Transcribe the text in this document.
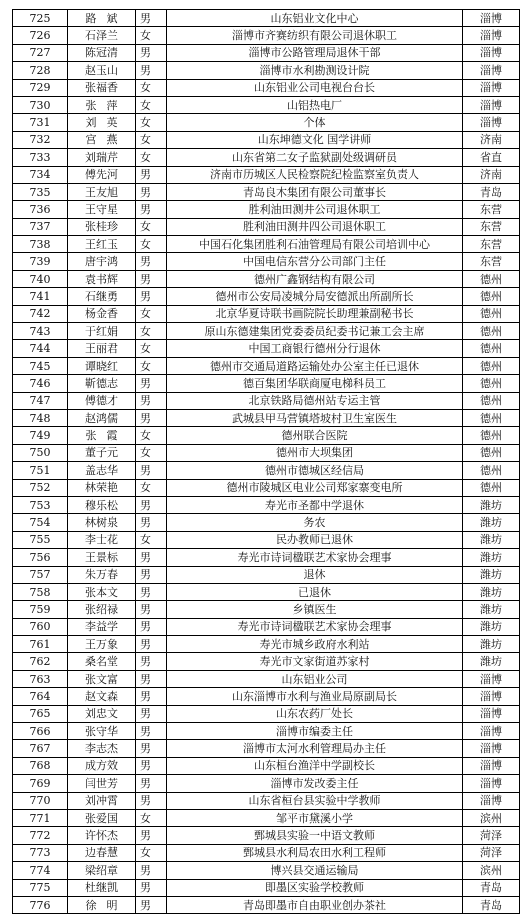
725	路斌	男	山东铝业文化中心	淄博
726	石泽兰	女	淄博市齐赛纺织有限公司退休职工	淄博
727	陈冠清	男	淄博市公路管理局退休干部	淄博
728	赵玉山	男	淄博市水利勘测设计院	淄博
729	张福香	女	山东铝业公司电视台台长	淄博
730	张萍	女	山铝热电厂	淄博
731	刘英	女	个体	淄博
732	宫燕	女	山东坤德文化 国学讲师	济南
733	刘瑞芹	女	山东省第二女子监狱副处级调研员	省直
734	傅先河	男	济南市历城区人民检察院纪检监察室负责人	济南
735	王友旭	男	青岛良木集团有限公司董事长	青岛
736	王守星	男	胜利油田测井公司退休职工	东营
737	张桂珍	女	胜利油田测井四公司退休职工	东营
738	王红玉	女	中国石化集团胜利石油管理局有限公司培训中心	东营
739	唐宇鸿	男	中国电信东营分公司部门主任	东营
740	袁书辉	男	德州广鑫钢结构有限公司	德州
741	石继勇	男	德州市公安局凌城分局安德派出所副所长	德州
742	杨金香	女	北京华夏诗联书画院院长助理兼副秘书长	德州
743	于红娟	女	原山东德建集团党委委员纪委书记兼工会主席	德州
744	王丽君	女	中国工商银行德州分行退休	德州
745	谭晓红	女	德州市交通局道路运输处办公室主任已退休	德州
746	靳德志	男	德百集团华联商厦电梯科员工	德州
747	傅德才	男	北京铁路局德州站专运主管	德州
748	赵鸿儒	男	武城县甲马营镇塔坡村卫生室医生	德州
749	张霞	女	德州联合医院	德州
750	董子元	女	德州市大坝集团	德州
751	盖志华	男	德州市德城区经信局	德州
752	林荣艳	女	德州市陵城区电业公司郑家寨变电所	德州
753	穆乐松	男	寿光市圣都中学退休	潍坊
754	林树泉	男	务农	潍坊
755	李士花	女	民办教师已退休	潍坊
756	王景标	男	寿光市诗词楹联艺术家协会理事	潍坊
757	朱万春	男	退休	潍坊
758	张本文	男	已退休	潍坊
759	张绍禄	男	乡镇医生	潍坊
760	李益学	男	寿光市诗词楹联艺术家协会理事	潍坊
761	王万象	男	寿光市城乡政府水利站	潍坊
762	桑名堂	男	寿光市文家街道苏家村	潍坊
763	张文富	男	山东铝业公司	淄博
764	赵文森	男	山东淄博市水利与渔业局原副局长	淄博
765	刘忠文	男	山东农药厂处长	淄博
766	张守华	男	淄博市编委主任	淄博
767	李志杰	男	淄博市太河水利管理局办主任	淄博
768	成方效	男	山东桓台渔洋中学副校长	淄博
769	闫世芳	男	淄博市发改委主任	淄博
770	刘冲霄	男	山东省桓台县实验中学教师	淄博
771	张爱国	女	邹平市黛溪小学	滨州
772	许怀杰	男	鄄城县实验一中语文教师	菏泽
773	边春慧	女	鄄城县水利局农田水利工程师	菏泽
774	梁绍章	男	博兴县交通运输局	滨州
775	杜继凯	男	即墨区实验学校教师	青岛
776	徐明	男	青岛即墨市自由职业创办茶社	青岛
